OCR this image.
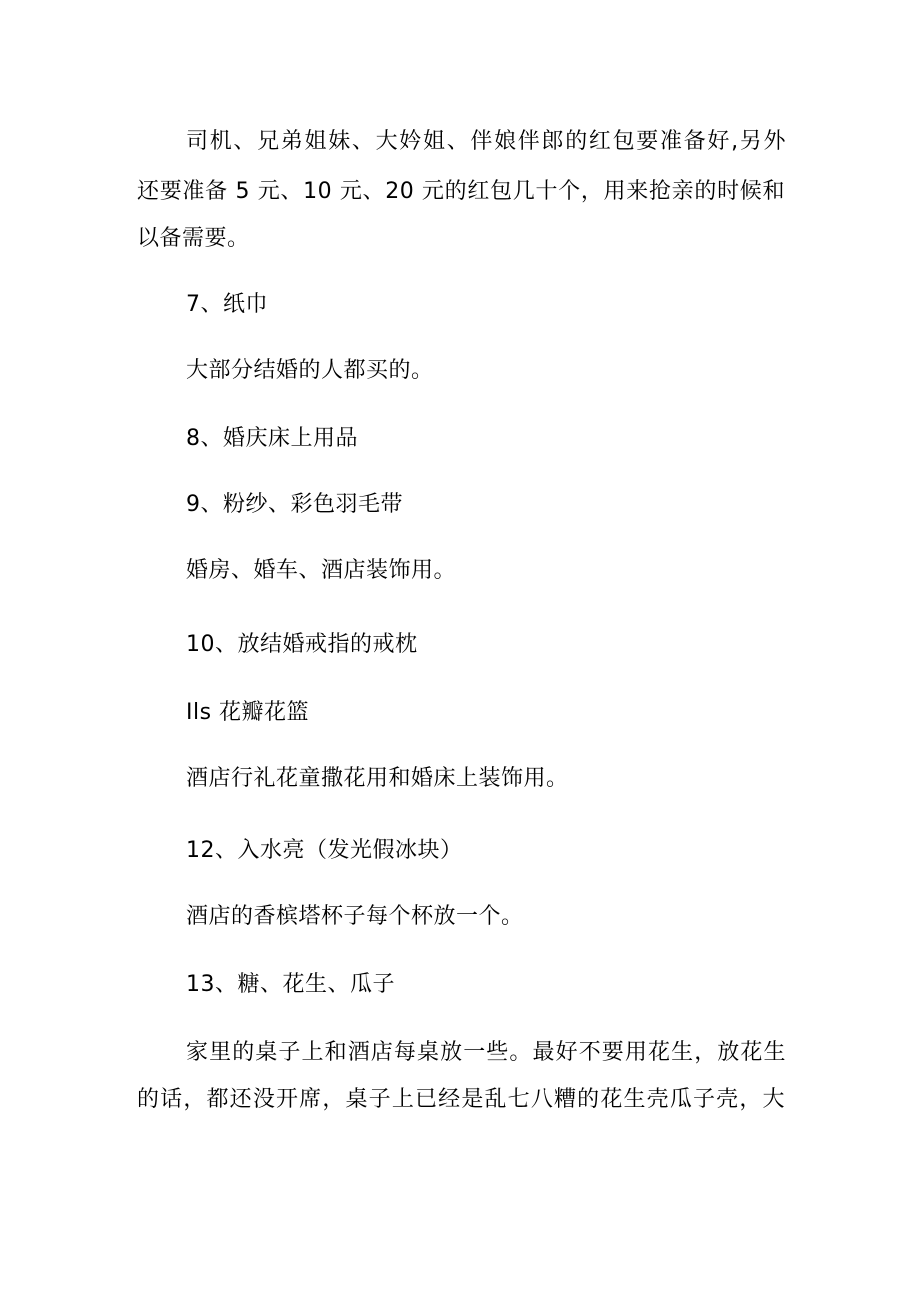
司机、兄弟姐妹、大妗姐、伴娘伴郎的红包要准备好,另外
还要准备 5 元、10 元、20 元的红包几十个，用来抢亲的时候和
以备需要。
7、纸巾
大部分结婚的人都买的。
8、婚庆床上用品
9、粉纱、彩色羽毛带
婚房、婚车、酒店装饰用。
10、放结婚戒指的戒枕
Ils 花瓣花篮
酒店行礼花童撒花用和婚床上装饰用。
12、入水亮（发光假冰块）
酒店的香槟塔杯子每个杯放一个。
13、糖、花生、瓜子
家里的桌子上和酒店每桌放一些。最好不要用花生，放花生
的话，都还没开席，桌子上已经是乱七八糟的花生壳瓜子壳，大
